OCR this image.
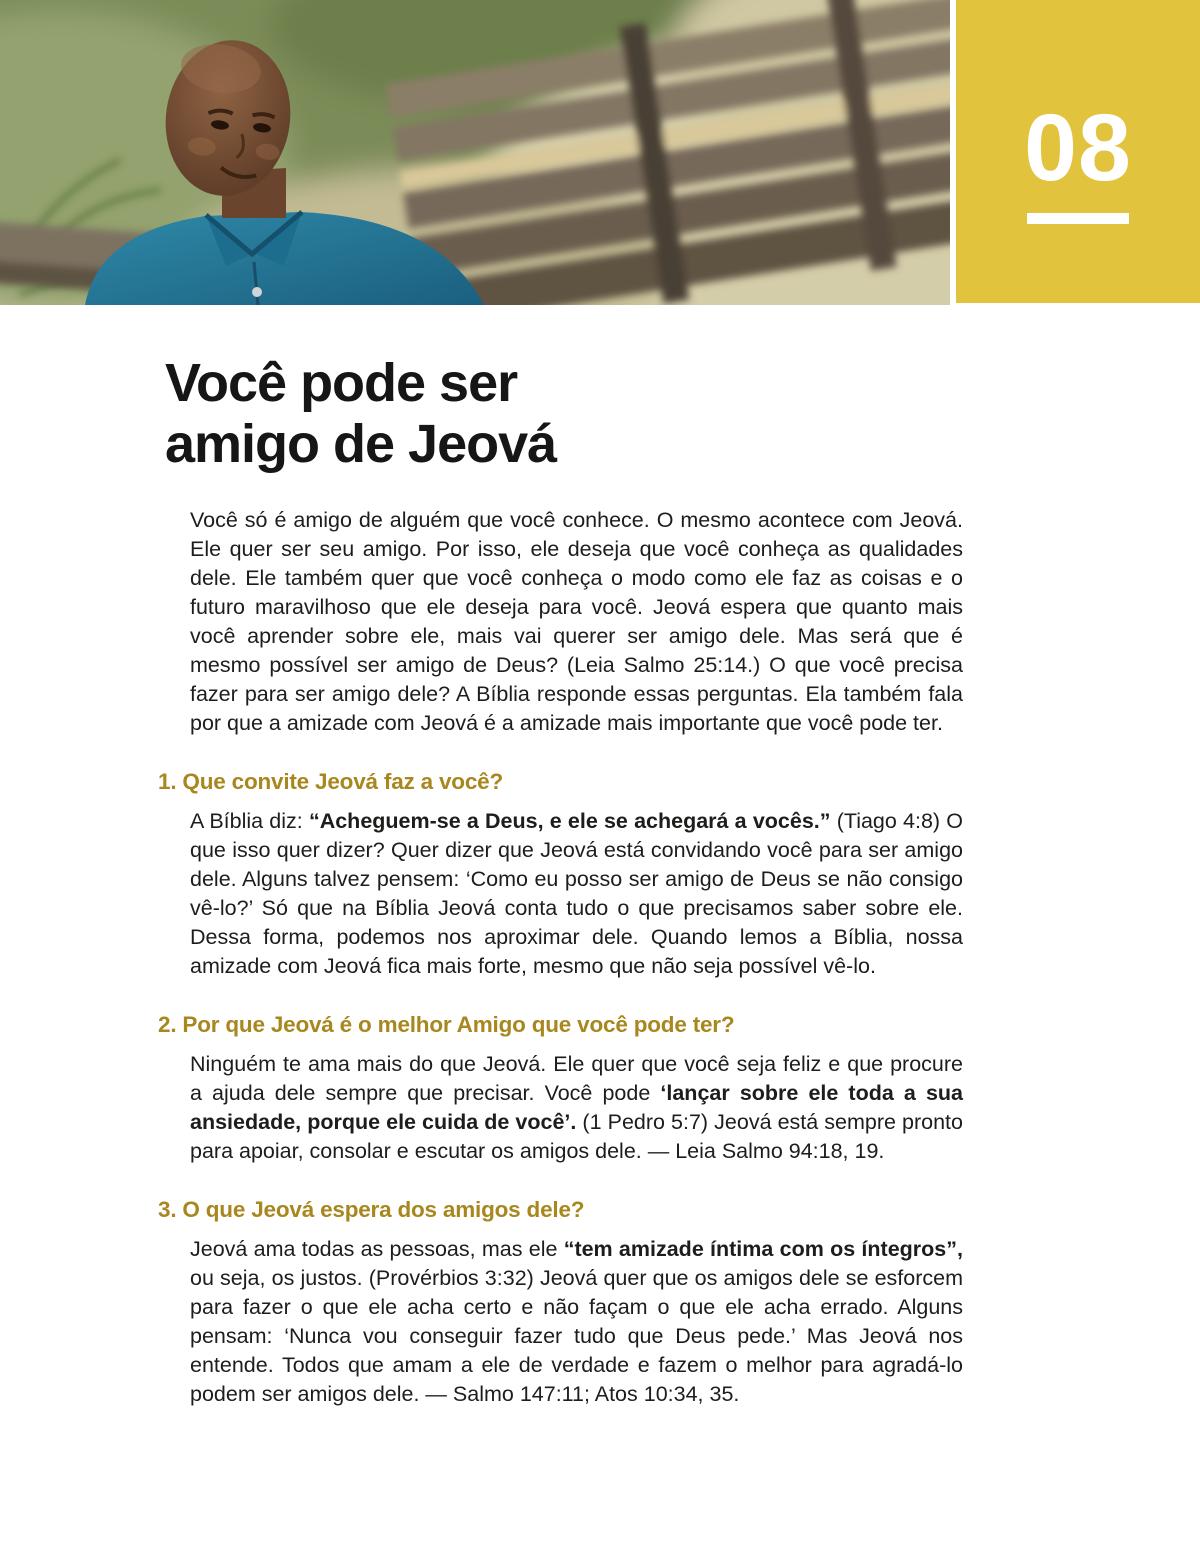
08
Você pode ser
amigo de Jeová

Você só é amigo de alguém que você conhece. O mesmo acontece com Jeová. Ele quer ser seu amigo. Por isso, ele deseja que você conheça as qualidades dele. Ele também quer que você conheça o modo como ele faz as coisas e o futuro maravilhoso que ele deseja para você. Jeová espera que quanto mais você aprender sobre ele, mais vai querer ser amigo dele. Mas será que é mesmo possível ser amigo de Deus? (Leia Salmo 25:14.) O que você precisa fazer para ser amigo dele? A Bíblia responde essas perguntas. Ela também fala por que a amizade com Jeová é a amizade mais importante que você pode ter.

1. Que convite Jeová faz a você?

A Bíblia diz: “Acheguem-se a Deus, e ele se achegará a vocês.” (Tiago 4:8) O que isso quer dizer? Quer dizer que Jeová está convidando você para ser amigo dele. Alguns talvez pensem: ‘Como eu posso ser amigo de Deus se não consigo vê-lo?’ Só que na Bíblia Jeová conta tudo o que precisamos saber sobre ele. Dessa forma, podemos nos aproximar dele. Quando lemos a Bíblia, nossa amizade com Jeová fica mais forte, mesmo que não seja possível vê-lo.

2. Por que Jeová é o melhor Amigo que você pode ter?

Ninguém te ama mais do que Jeová. Ele quer que você seja feliz e que procure a ajuda dele sempre que precisar. Você pode ‘lançar sobre ele toda a sua ansiedade, porque ele cuida de você’. (1 Pedro 5:7) Jeová está sempre pronto para apoiar, consolar e escutar os amigos dele. — Leia Salmo 94:18, 19.

3. O que Jeová espera dos amigos dele?

Jeová ama todas as pessoas, mas ele “tem amizade íntima com os íntegros”, ou seja, os justos. (Provérbios 3:32) Jeová quer que os amigos dele se esforcem para fazer o que ele acha certo e não façam o que ele acha errado. Alguns pensam: ‘Nunca vou conseguir fazer tudo que Deus pede.’ Mas Jeová nos entende. Todos que amam a ele de verdade e fazem o melhor para agradá-lo podem ser amigos dele. — Salmo 147:11; Atos 10:34, 35.
